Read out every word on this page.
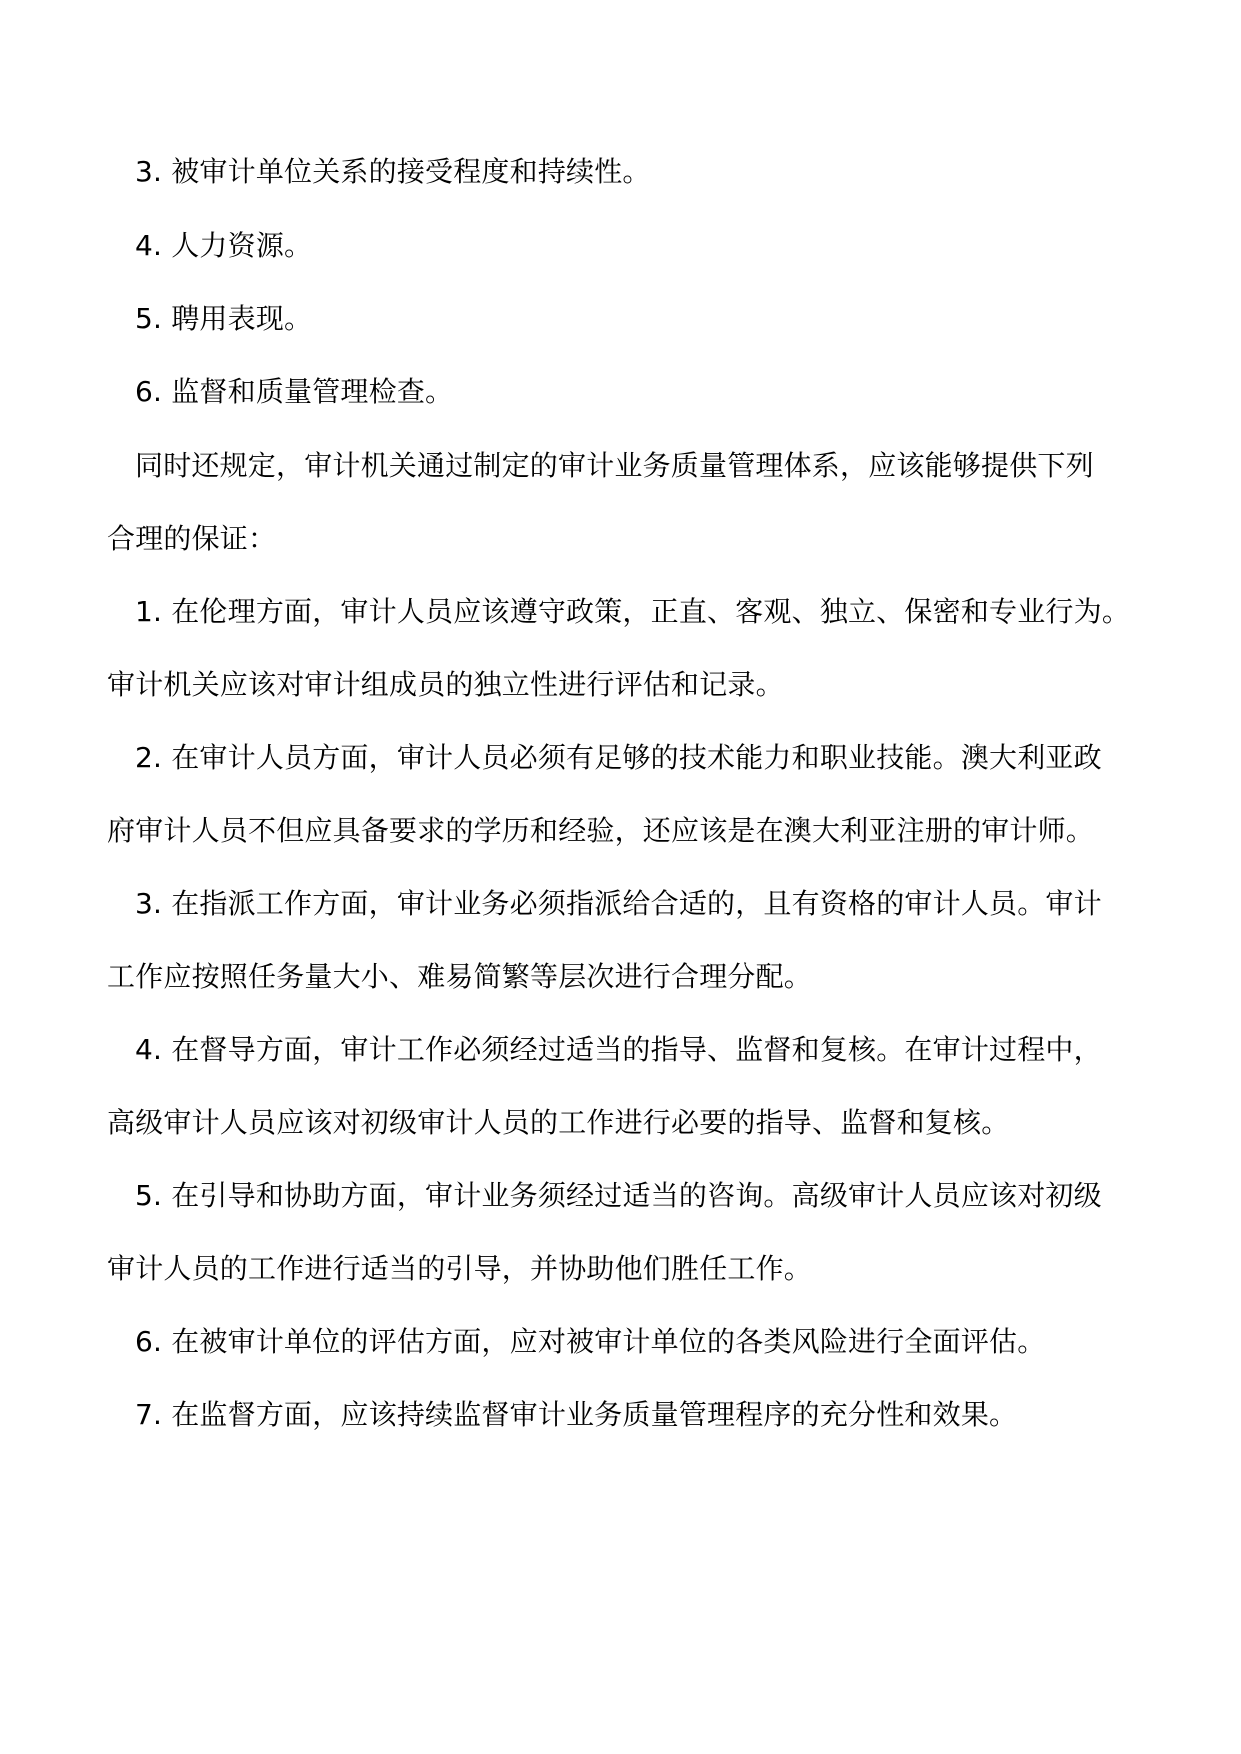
3. 被审计单位关系的接受程度和持续性。
4. 人力资源。
5. 聘用表现。
6. 监督和质量管理检查。
同时还规定，审计机关通过制定的审计业务质量管理体系，应该能够提供下列
合理的保证：
1. 在伦理方面，审计人员应该遵守政策，正直、客观、独立、保密和专业行为。
审计机关应该对审计组成员的独立性进行评估和记录。
2. 在审计人员方面，审计人员必须有足够的技术能力和职业技能。澳大利亚政
府审计人员不但应具备要求的学历和经验，还应该是在澳大利亚注册的审计师。
3. 在指派工作方面，审计业务必须指派给合适的，且有资格的审计人员。审计
工作应按照任务量大小、难易简繁等层次进行合理分配。
4. 在督导方面，审计工作必须经过适当的指导、监督和复核。在审计过程中，
高级审计人员应该对初级审计人员的工作进行必要的指导、监督和复核。
5. 在引导和协助方面，审计业务须经过适当的咨询。高级审计人员应该对初级
审计人员的工作进行适当的引导，并协助他们胜任工作。
6. 在被审计单位的评估方面，应对被审计单位的各类风险进行全面评估。
7. 在监督方面，应该持续监督审计业务质量管理程序的充分性和效果。
